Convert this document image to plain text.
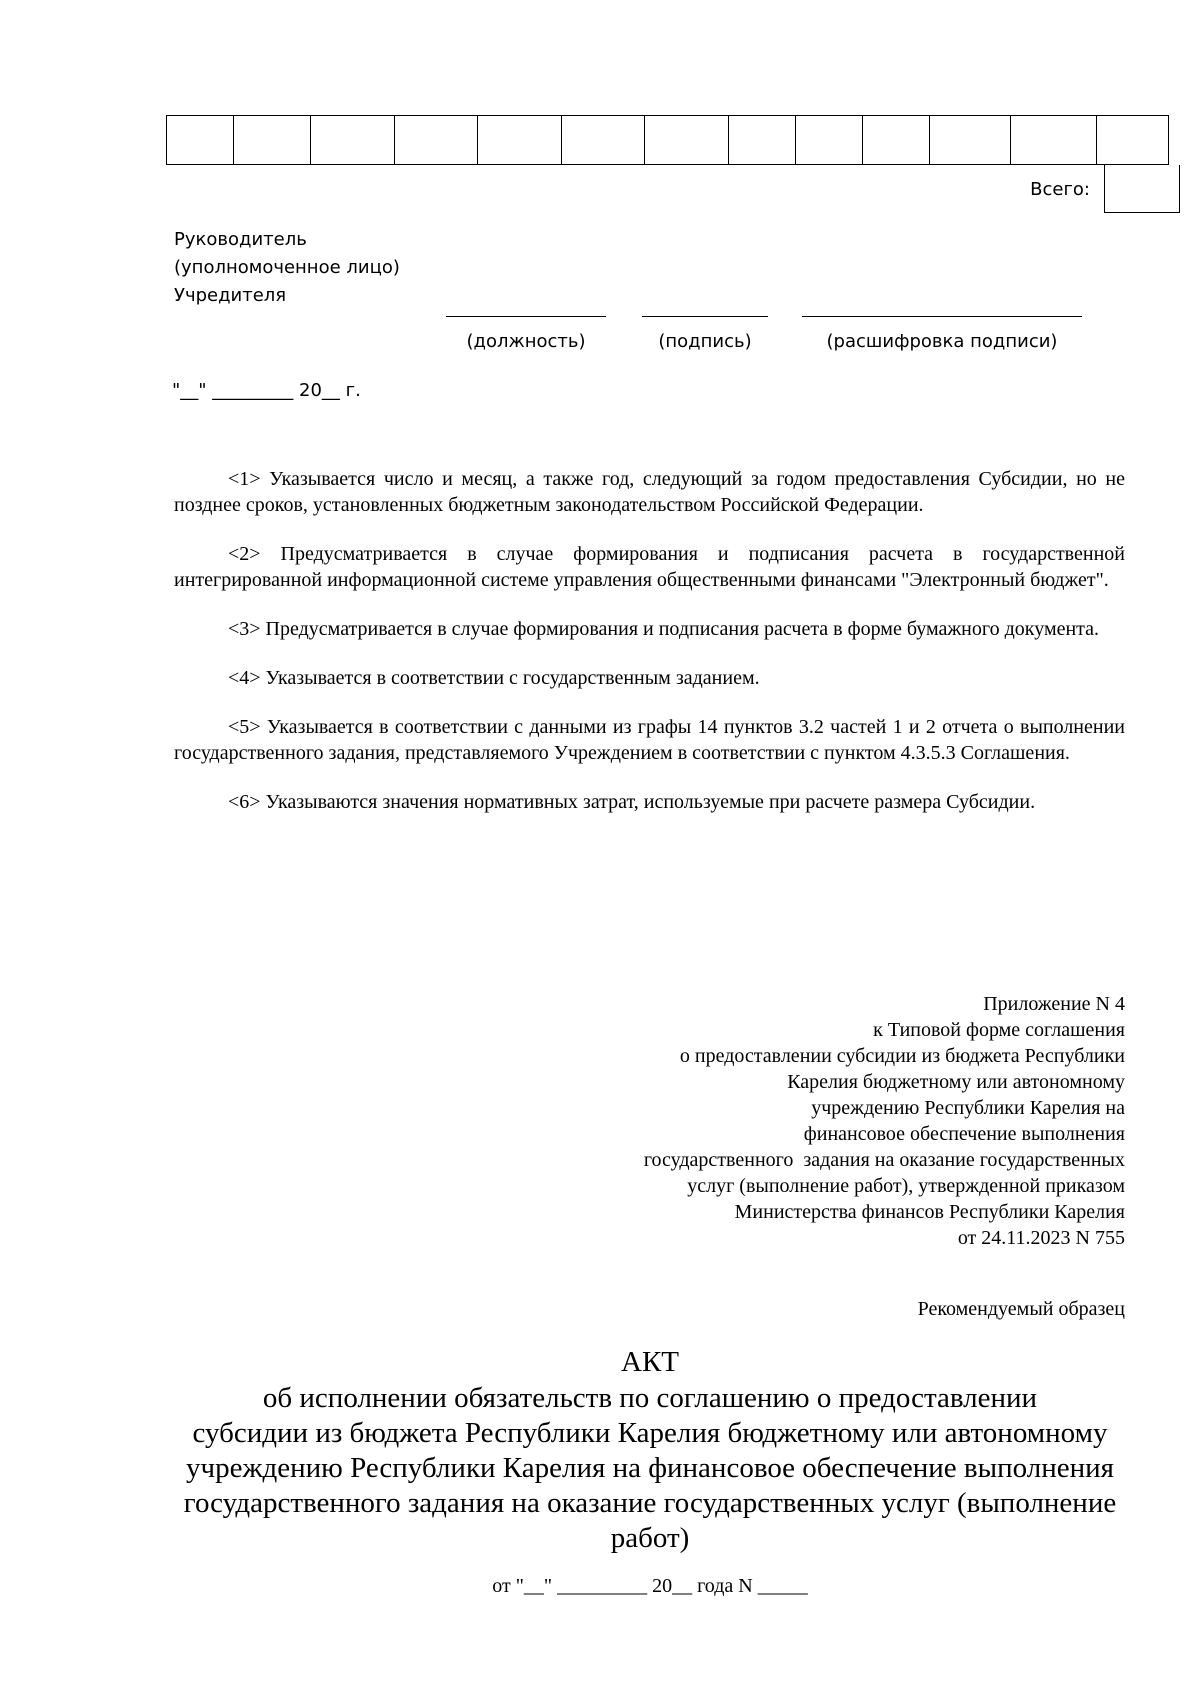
Всего:
Руководитель
(уполномоченное лицо)
Учредителя
(должность)	(подпись)	(расшифровка подписи)
"__" _________ 20__ г.

<1> Указывается число и месяц, а также год, следующий за годом предоставления Субсидии, но не позднее сроков, установленных бюджетным законодательством Российской Федерации.

<2> Предусматривается в случае формирования и подписания расчета в государственной интегрированной информационной системе управления общественными финансами "Электронный бюджет".

<3> Предусматривается в случае формирования и подписания расчета в форме бумажного документа.

<4> Указывается в соответствии с государственным заданием.

<5> Указывается в соответствии с данными из графы 14 пунктов 3.2 частей 1 и 2 отчета о выполнении государственного задания, представляемого Учреждением в соответствии с пунктом 4.3.5.3 Соглашения.

<6> Указываются значения нормативных затрат, используемые при расчете размера Субсидии.

Приложение N 4
к Типовой форме соглашения
о предоставлении субсидии из бюджета Республики
Карелия бюджетному или автономному
учреждению Республики Карелия на
финансовое обеспечение выполнения
государственного  задания на оказание государственных
услуг (выполнение работ), утвержденной приказом
Министерства финансов Республики Карелия
от 24.11.2023 N 755
Рекомендуемый образец
АКТ
об исполнении обязательств по соглашению о предоставлении
субсидии из бюджета Республики Карелия бюджетному или автономному
учреждению Республики Карелия на финансовое обеспечение выполнения
государственного задания на оказание государственных услуг (выполнение
работ)
от "__" _________ 20__ года N _____
